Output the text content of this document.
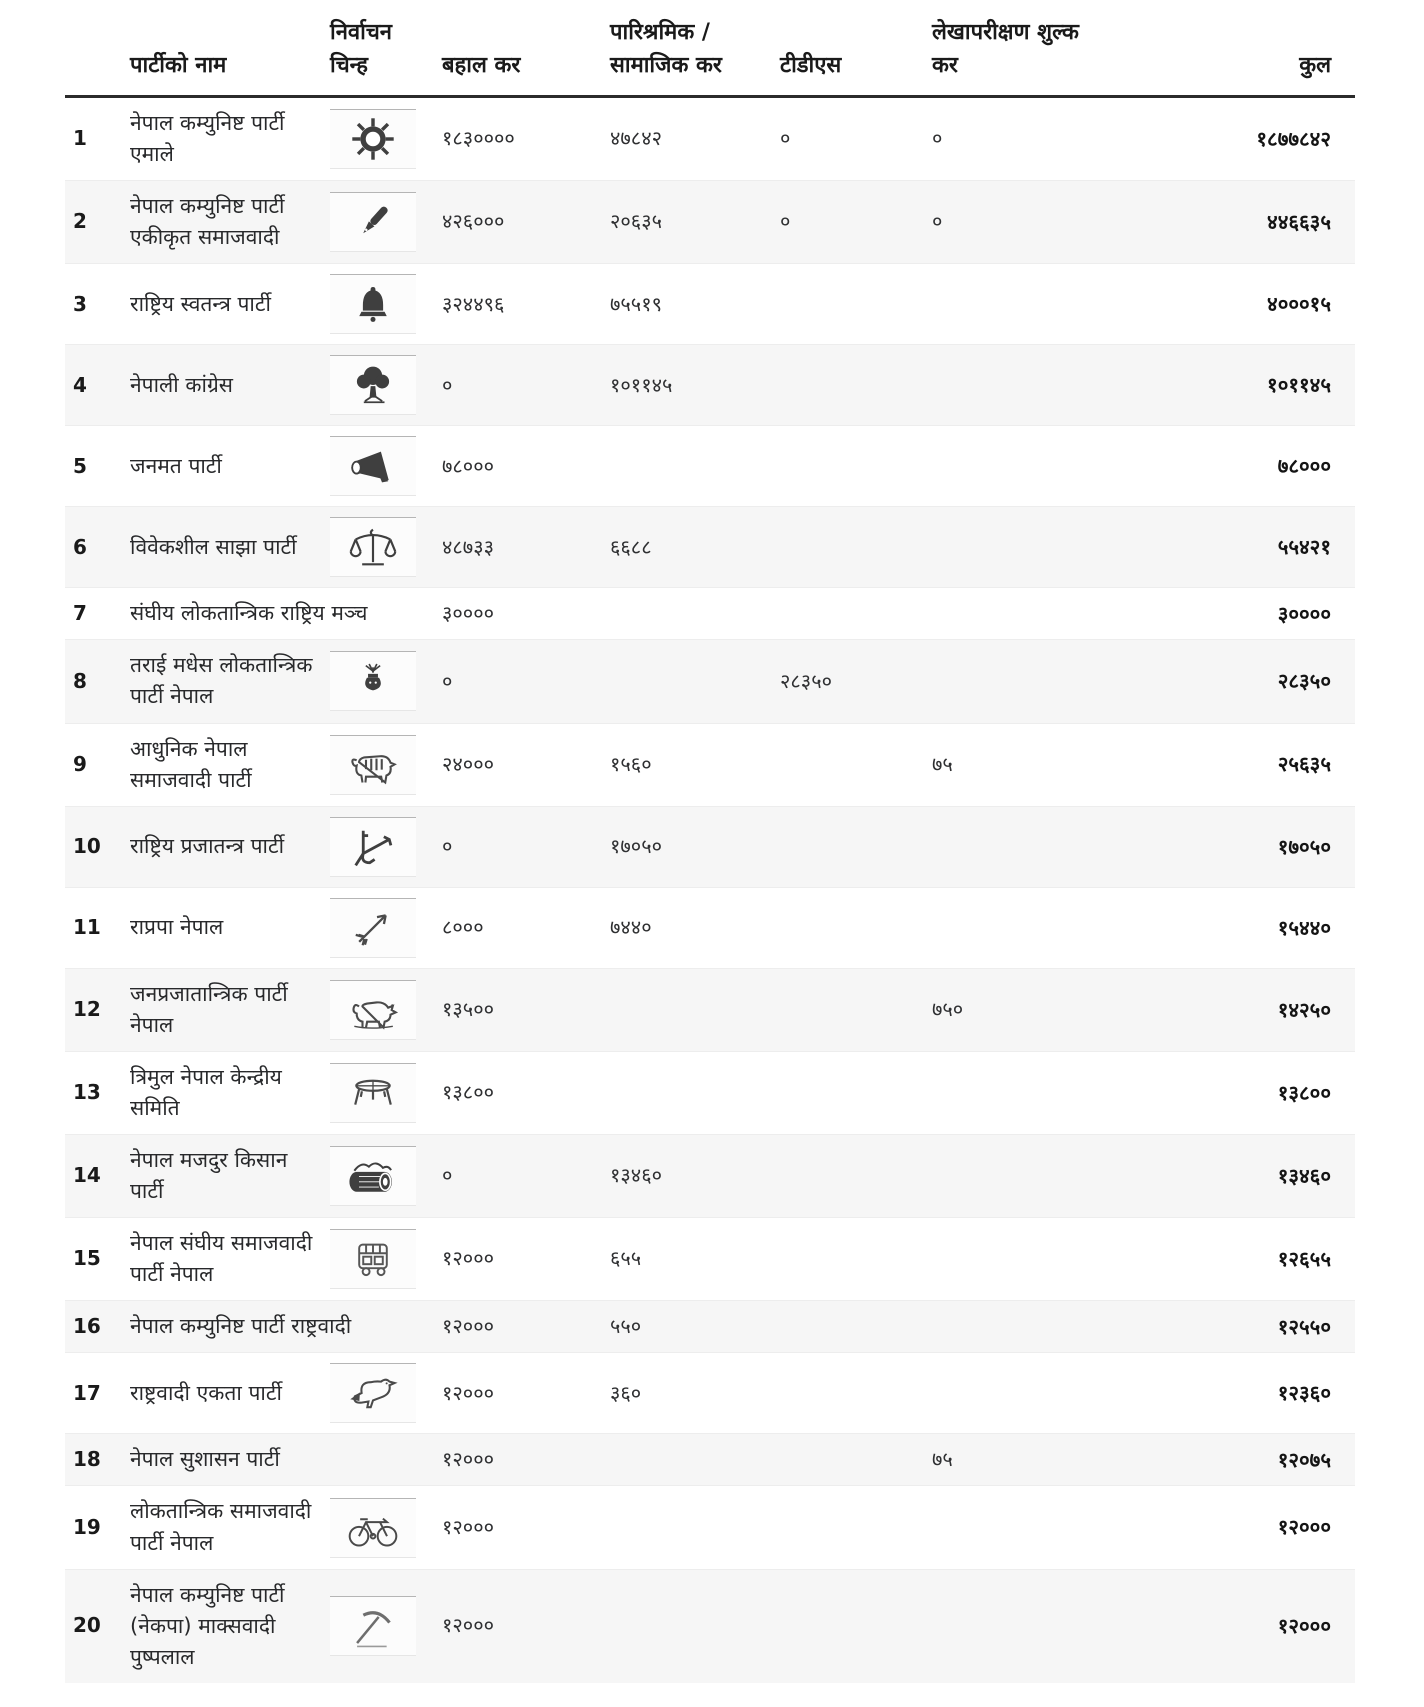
	पार्टीको नाम	निर्वाचन चिन्ह	बहाल कर	पारिश्रमिक / सामाजिक कर	टीडीएस	लेखापरीक्षण शुल्क कर	कुल
1	नेपाल कम्युनिष्ट पार्टी एमाले		१८३००००	४७८४२	०	०	१८७७८४२
2	नेपाल कम्युनिष्ट पार्टी एकीकृत समाजवादी		४२६०००	२०६३५	०	०	४४६६३५
3	राष्ट्रिय स्वतन्त्र पार्टी		३२४४९६	७५५१९			४०००१५
4	नेपाली कांग्रेस		०	१०११४५			१०११४५
5	जनमत पार्टी		७८०००				७८०००
6	विवेकशील साझा पार्टी		४८७३३	६६८८			५५४२१
7	संघीय लोकतान्त्रिक राष्ट्रिय मञ्च		३००००				३००००
8	तराई मधेस लोकतान्त्रिक पार्टी नेपाल		०		२८३५०		२८३५०
9	आधुनिक नेपाल समाजवादी पार्टी		२४०००	१५६०		७५	२५६३५
10	राष्ट्रिय प्रजातन्त्र पार्टी		०	१७०५०			१७०५०
11	राप्रपा नेपाल		८०००	७४४०			१५४४०
12	जनप्रजातान्त्रिक पार्टी नेपाल		१३५००			७५०	१४२५०
13	त्रिमुल नेपाल केन्द्रीय समिति		१३८००				१३८००
14	नेपाल मजदुर किसान पार्टी		०	१३४६०			१३४६०
15	नेपाल संघीय समाजवादी पार्टी नेपाल		१२०००	६५५			१२६५५
16	नेपाल कम्युनिष्ट पार्टी राष्ट्रवादी		१२०००	५५०			१२५५०
17	राष्ट्रवादी एकता पार्टी		१२०००	३६०			१२३६०
18	नेपाल सुशासन पार्टी		१२०००			७५	१२०७५
19	लोकतान्त्रिक समाजवादी पार्टी नेपाल		१२०००				१२०००
20	नेपाल कम्युनिष्ट पार्टी (नेकपा) माक्सवादी पुष्पलाल		१२०००				१२०००
